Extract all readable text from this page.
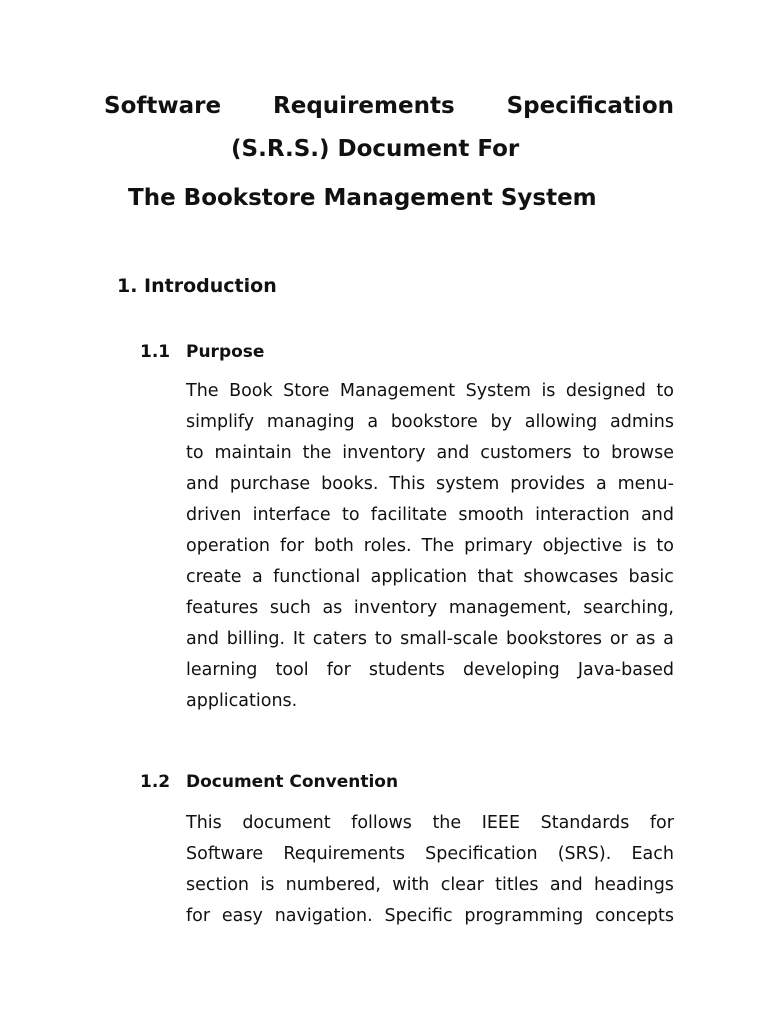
Software Requirements Specification
(S.R.S.) Document For
The Bookstore Management System
1. Introduction
1.1 Purpose
The Book Store Management System is designed to
simplify managing a bookstore by allowing admins
to maintain the inventory and customers to browse
and purchase books. This system provides a menu-
driven interface to facilitate smooth interaction and
operation for both roles. The primary objective is to
create a functional application that showcases basic
features such as inventory management, searching,
and billing. It caters to small-scale bookstores or as a
learning tool for students developing Java-based
applications.
1.2 Document Convention
This document follows the IEEE Standards for
Software Requirements Specification (SRS). Each
section is numbered, with clear titles and headings
for easy navigation. Specific programming concepts
